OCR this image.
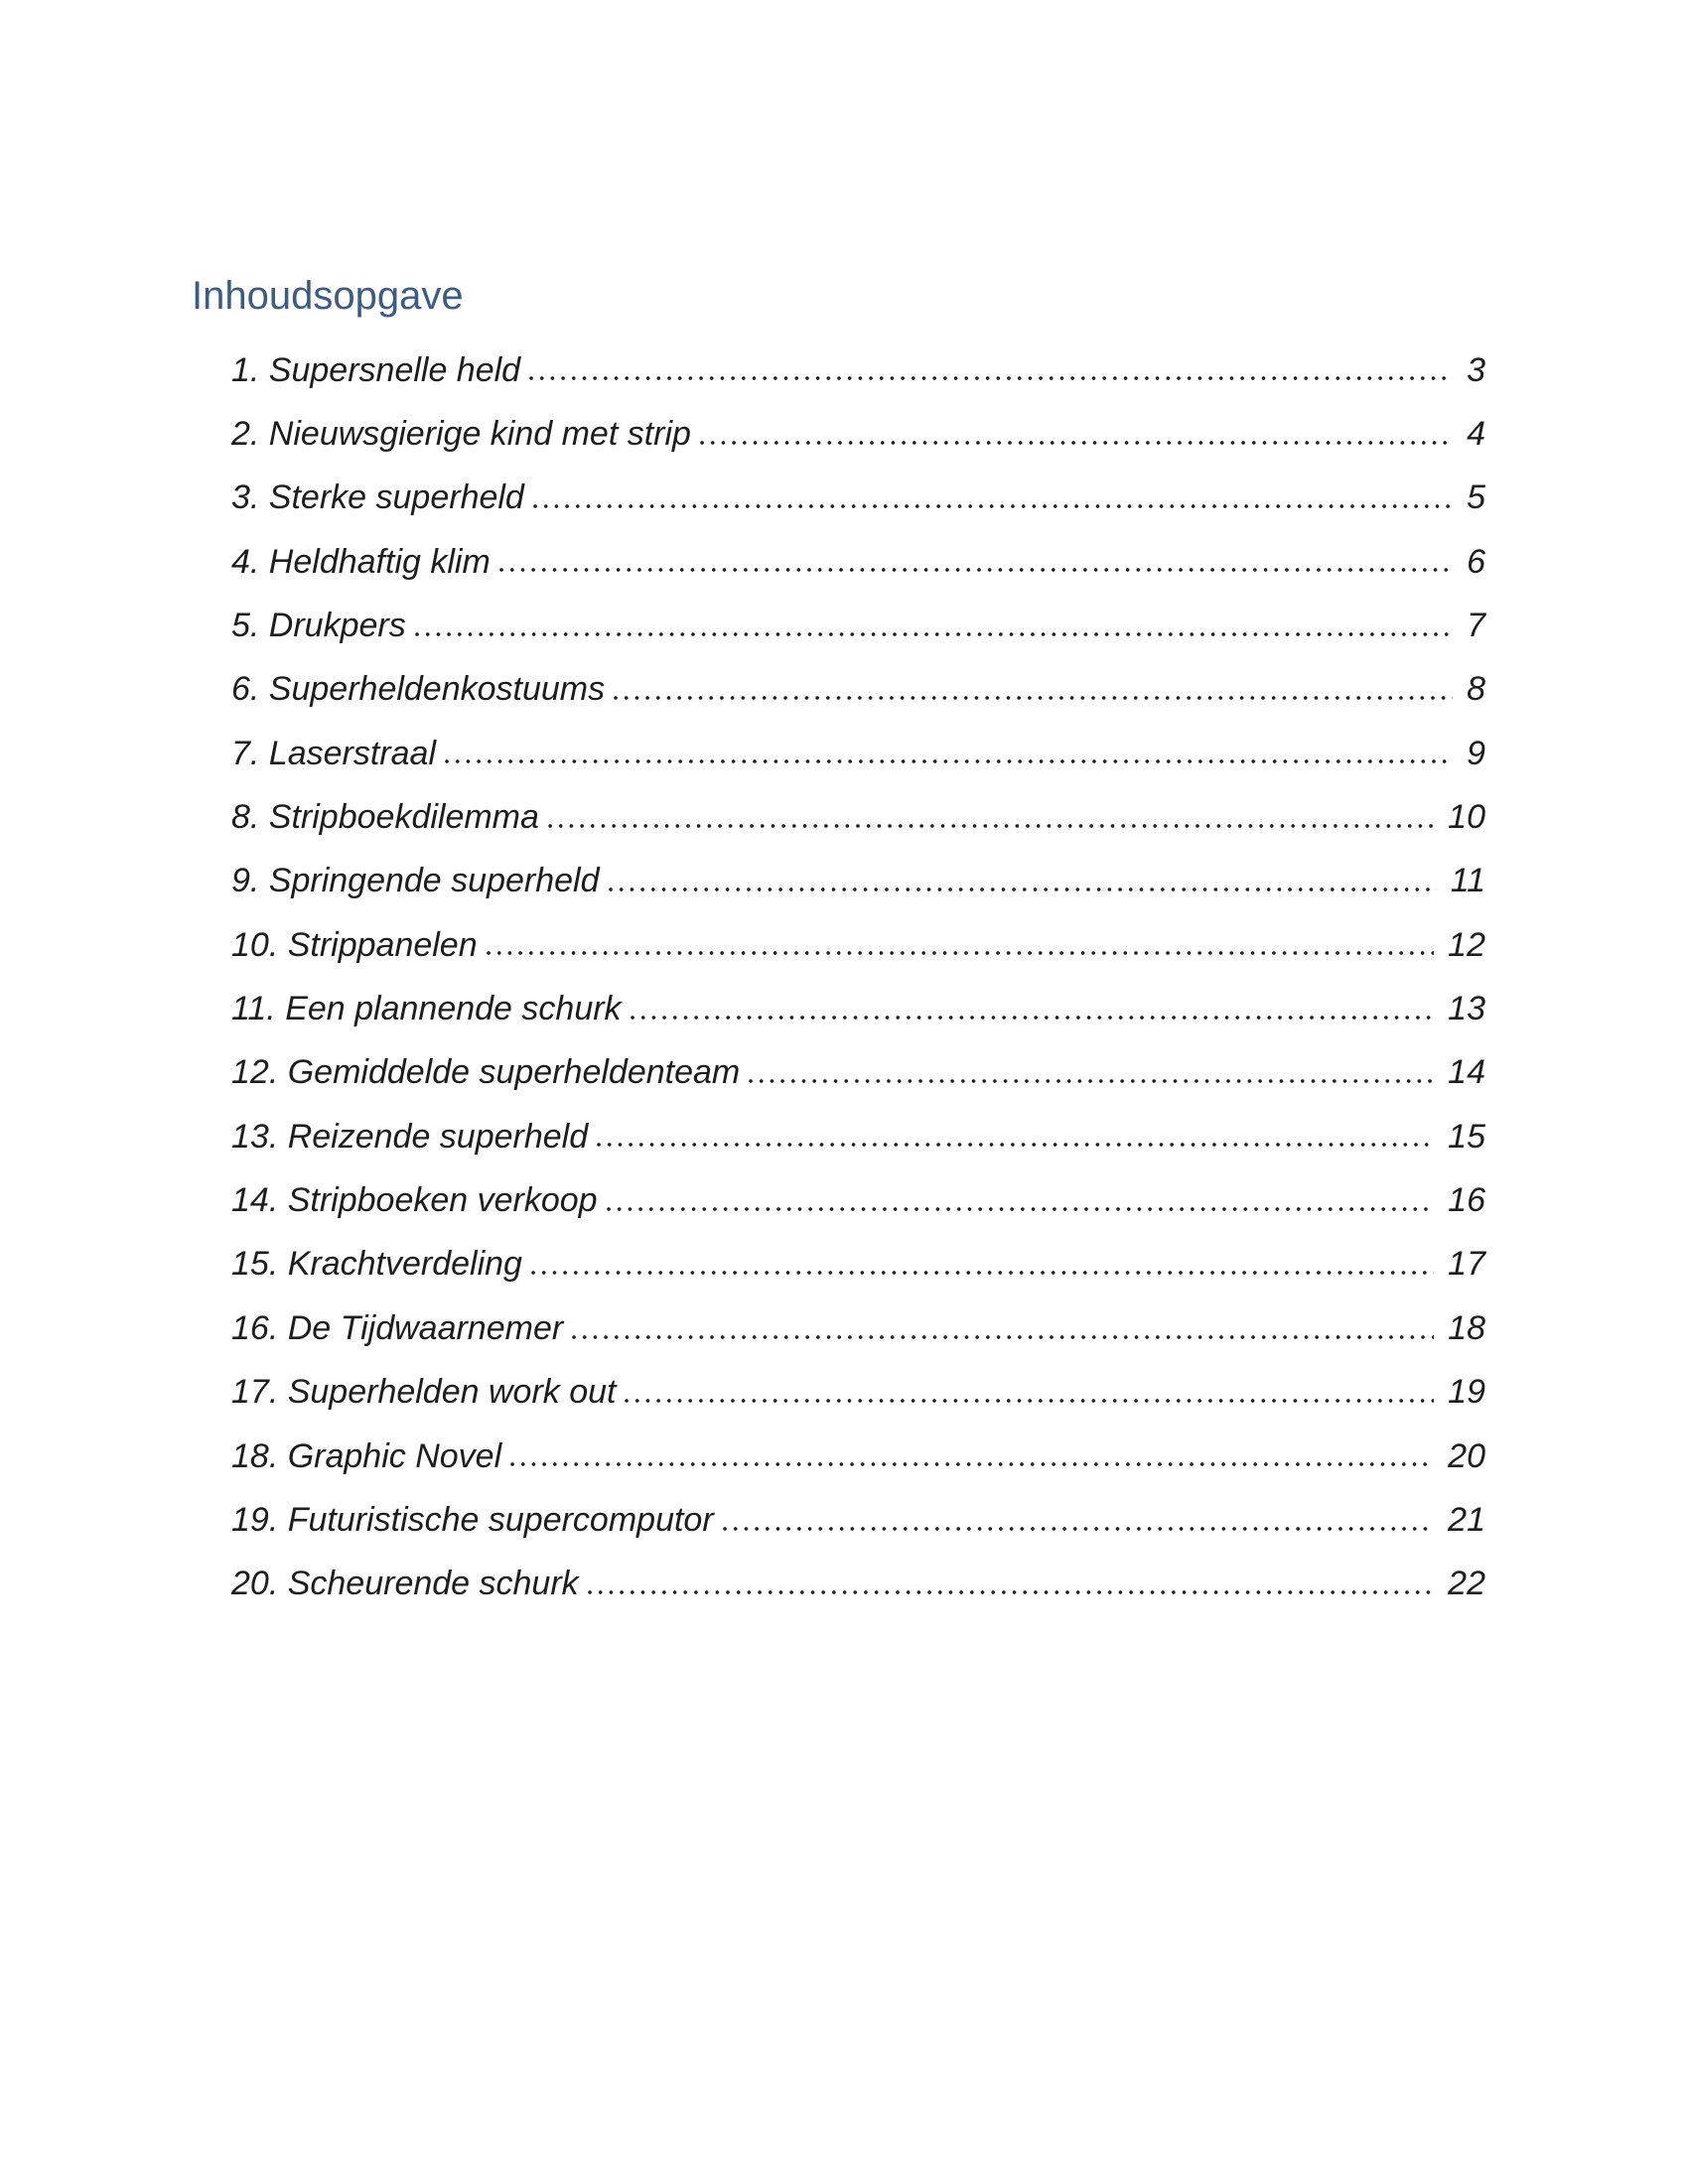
Inhoudsopgave
1. Supersnelle held	3
2. Nieuwsgierige kind met strip	4
3. Sterke superheld	5
4. Heldhaftig klim	6
5. Drukpers	7
6. Superheldenkostuums	8
7. Laserstraal	9
8. Stripboekdilemma	10
9. Springende superheld	11
10. Strippanelen	12
11. Een plannende schurk	13
12. Gemiddelde superheldenteam	14
13. Reizende superheld	15
14. Stripboeken verkoop	16
15. Krachtverdeling	17
16. De Tijdwaarnemer	18
17. Superhelden work out	19
18. Graphic Novel	20
19. Futuristische supercomputor	21
20. Scheurende schurk	22
